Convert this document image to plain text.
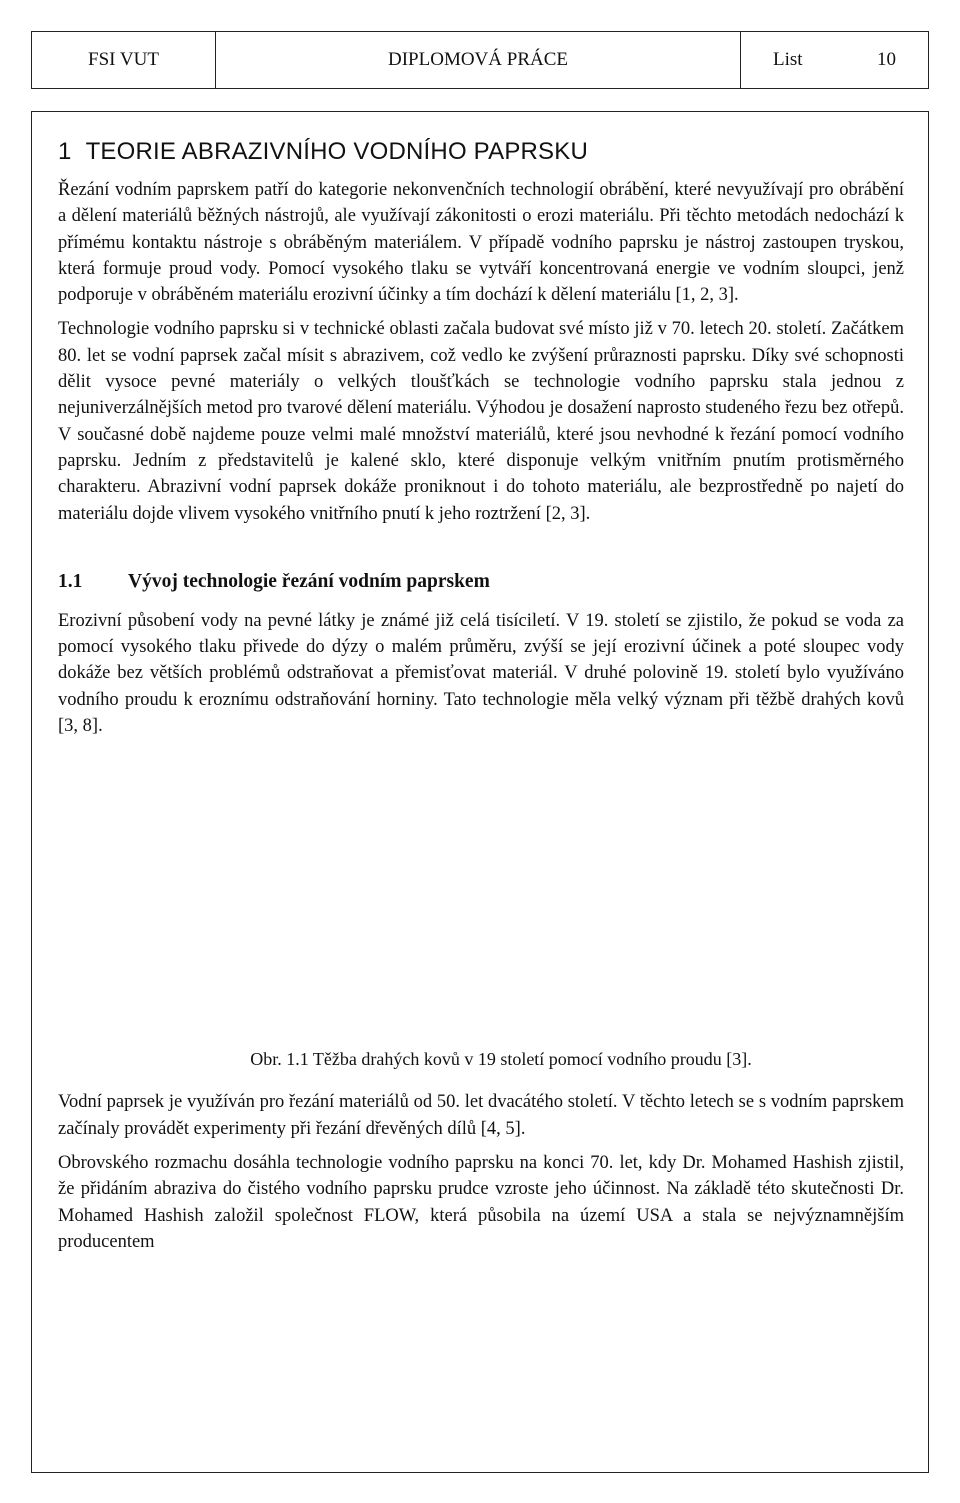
FSI VUT	DIPLOMOVÁ PRÁCE	List	10
1 TEORIE ABRAZIVNÍHO VODNÍHO PAPRSKU

Řezání vodním paprskem patří do kategorie nekonvenčních technologií obrábění, které nevyužívají pro obrábění a dělení materiálů běžných nástrojů, ale využívají zákonitosti o erozi materiálu. Při těchto metodách nedochází k přímému kontaktu nástroje s obráběným materiálem. V případě vodního paprsku je nástroj zastoupen tryskou, která formuje proud vody. Pomocí vysokého tlaku se vytváří koncentrovaná energie ve vodním sloupci, jenž podporuje v obráběném materiálu erozivní účinky a tím dochází k dělení materiálu [1, 2, 3].

Technologie vodního paprsku si v technické oblasti začala budovat své místo již v 70. letech 20. století. Začátkem 80. let se vodní paprsek začal mísit s abrazivem, což vedlo ke zvýšení průraznosti paprsku. Díky své schopnosti dělit vysoce pevné materiály o velkých tloušťkách se technologie vodního paprsku stala jednou z nejuniverzálnějších metod pro tvarové dělení materiálu. Výhodou je dosažení naprosto studeného řezu bez otřepů. V současné době najdeme pouze velmi malé množství materiálů, které jsou nevhodné k řezání pomocí vodního paprsku. Jedním z představitelů je kalené sklo, které disponuje velkým vnitřním pnutím protisměrného charakteru. Abrazivní vodní paprsek dokáže proniknout i do tohoto materiálu, ale bezprostředně po najetí do materiálu dojde vlivem vysokého vnitřního pnutí k jeho roztržení [2, 3].

1.1 Vývoj technologie řezání vodním paprskem

Erozivní působení vody na pevné látky je známé již celá tisíciletí. V 19. století se zjistilo, že pokud se voda za pomocí vysokého tlaku přivede do dýzy o malém průměru, zvýší se její erozivní účinek a poté sloupec vody dokáže bez větších problémů odstraňovat a přemisťovat materiál. V druhé polovině 19. století bylo využíváno vodního proudu k eroznímu odstraňování horniny. Tato technologie měla velký význam při těžbě drahých kovů [3, 8].

Obr. 1.1 Těžba drahých kovů v 19 století pomocí vodního proudu [3].

Vodní paprsek je využíván pro řezání materiálů od 50. let dvacátého století. V těchto letech se s vodním paprskem začínaly provádět experimenty při řezání dřevěných dílů [4, 5].

Obrovského rozmachu dosáhla technologie vodního paprsku na konci 70. let, kdy Dr. Mohamed Hashish zjistil, že přidáním abraziva do čistého vodního paprsku prudce vzroste jeho účinnost. Na základě této skutečnosti Dr. Mohamed Hashish založil společnost FLOW, která působila na území USA a stala se nejvýznamnějším producentem
